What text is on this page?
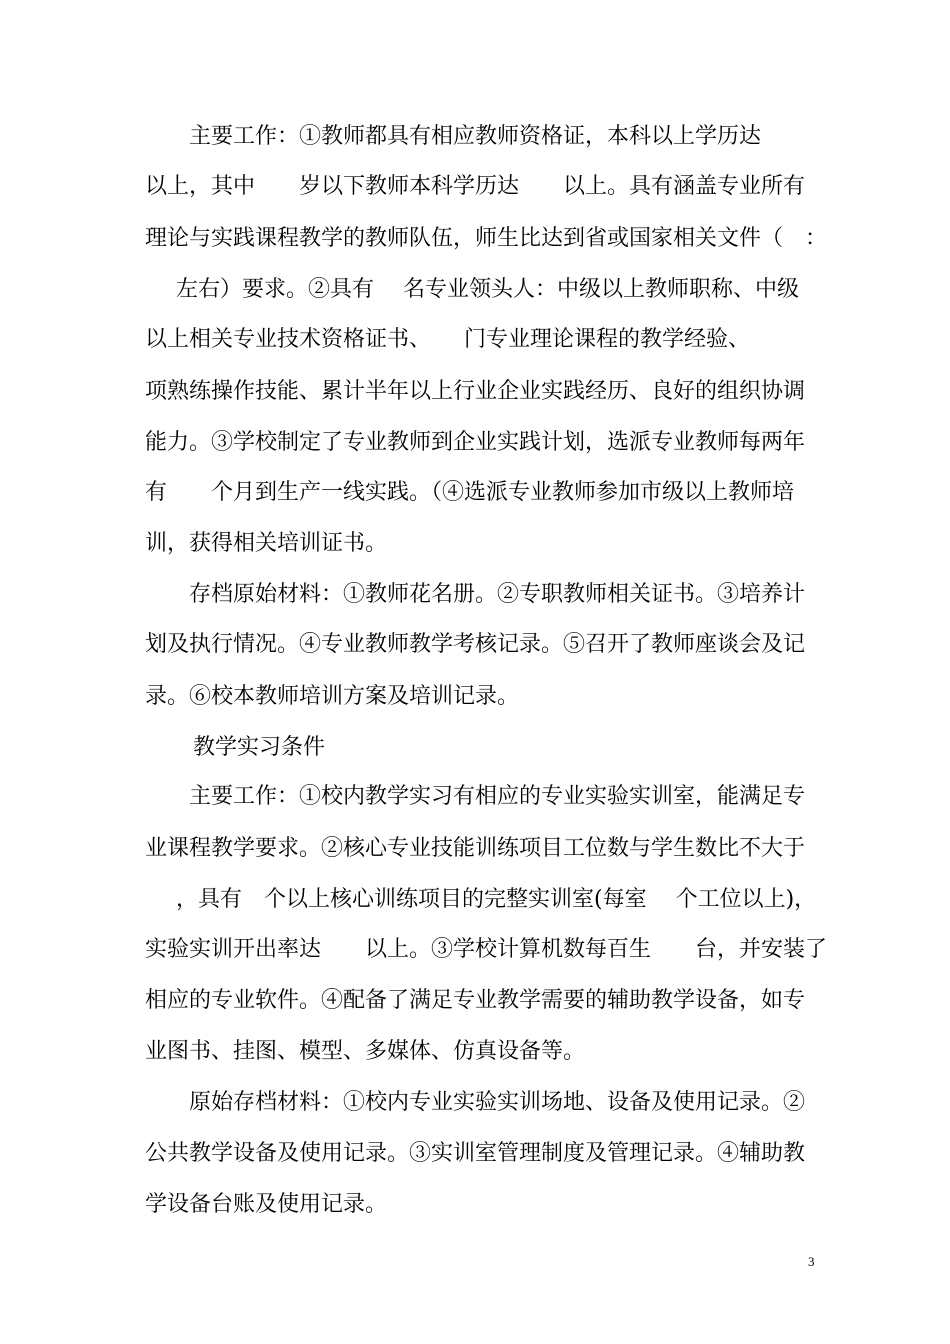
主要工作：①教师都具有相应教师资格证，本科以上学历达
以上，其中　　岁以下教师本科学历达　　以上。具有涵盖专业所有
理论与实践课程教学的教师队伍，师生比达到省或国家相关文件（　：
左右）要求。②具有　 名专业领头人：中级以上教师职称、中级
以上相关专业技术资格证书、　　门专业理论课程的教学经验、
项熟练操作技能、累计半年以上行业企业实践经历、良好的组织协调
能力。③学校制定了专业教师到企业实践计划，选派专业教师每两年
有　　个月到生产一线实践。（④选派专业教师参加市级以上教师培
训，获得相关培训证书。
存档原始材料：①教师花名册。②专职教师相关证书。③培养计
划及执行情况。④专业教师教学考核记录。⑤召开了教师座谈会及记
录。⑥校本教师培训方案及培训记录。
教学实习条件
主要工作：①校内教学实习有相应的专业实验实训室，能满足专
业课程教学要求。②核心专业技能训练项目工位数与学生数比不大于
，具有　个以上核心训练项目的完整实训室(每室　 个工位以上)，
实验实训开出率达　　以上。③学校计算机数每百生　　台，并安装了
相应的专业软件。④配备了满足专业教学需要的辅助教学设备，如专
业图书、挂图、模型、多媒体、仿真设备等。
原始存档材料：①校内专业实验实训场地、设备及使用记录。②
公共教学设备及使用记录。③实训室管理制度及管理记录。④辅助教
学设备台账及使用记录。
3
